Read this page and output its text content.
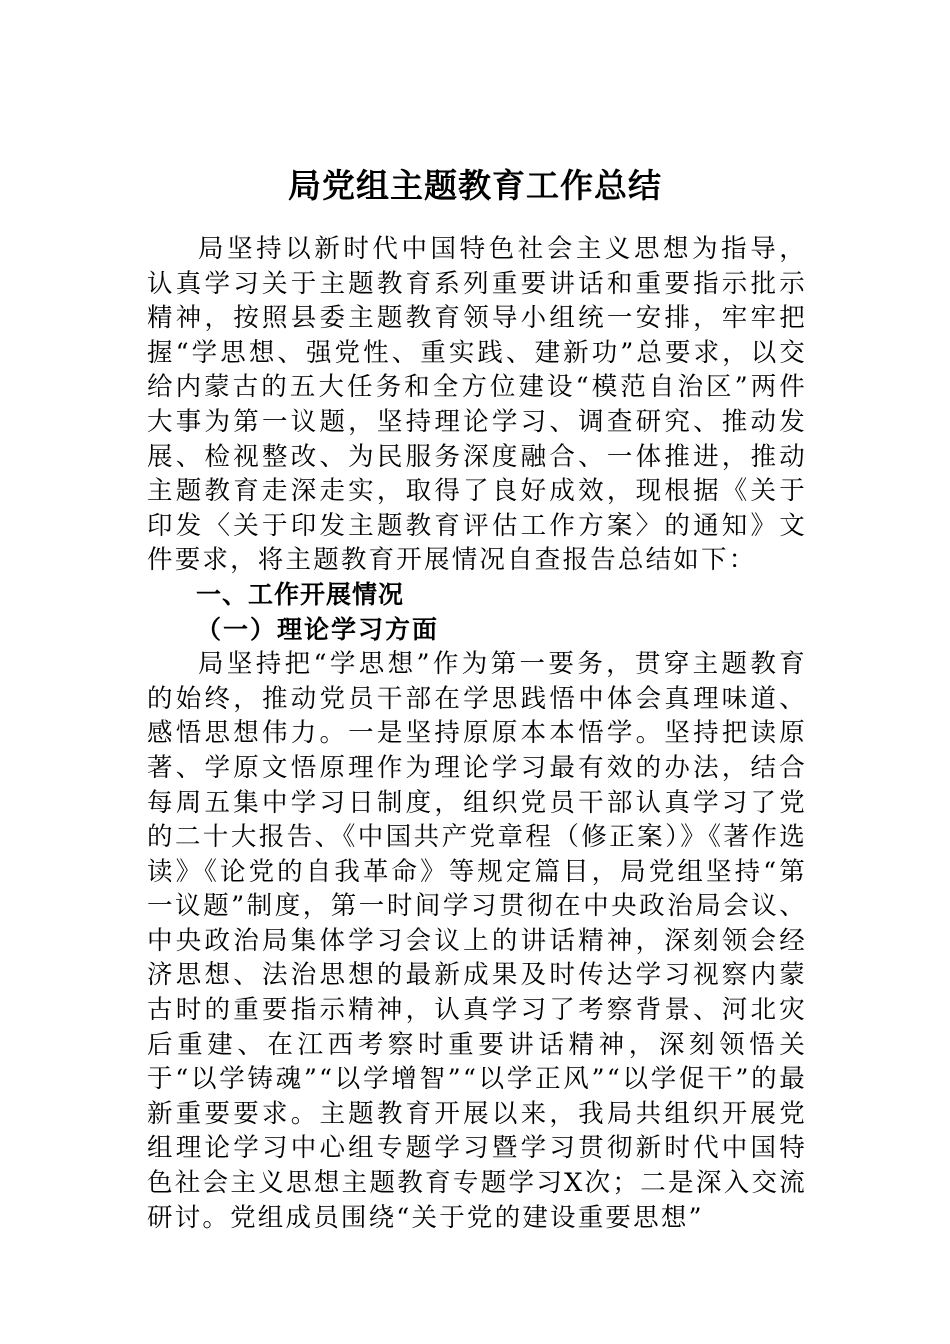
局党组主题教育工作总结

局坚持以新时代中国特色社会主义思想为指导，认真学习关于主题教育系列重要讲话和重要指示批示精神，按照县委主题教育领导小组统一安排，牢牢把握“学思想、强党性、重实践、建新功”总要求，以交给内蒙古的五大任务和全方位建设“模范自治区”两件大事为第一议题，坚持理论学习、调查研究、推动发展、检视整改、为民服务深度融合、一体推进，推动主题教育走深走实，取得了良好成效，现根据《关于印发〈关于印发主题教育评估工作方案〉的通知》文件要求，将主题教育开展情况自查报告总结如下：

一、工作开展情况

（一）理论学习方面

局坚持把“学思想”作为第一要务，贯穿主题教育的始终，推动党员干部在学思践悟中体会真理味道、感悟思想伟力。一是坚持原原本本悟学。坚持把读原著、学原文悟原理作为理论学习最有效的办法，结合每周五集中学习日制度，组织党员干部认真学习了党的二十大报告、《中国共产党章程（修正案）》《著作选读》《论党的自我革命》等规定篇目，局党组坚持“第一议题”制度，第一时间学习贯彻在中央政治局会议、中央政治局集体学习会议上的讲话精神，深刻领会经济思想、法治思想的最新成果及时传达学习视察内蒙古时的重要指示精神，认真学习了考察背景、河北灾后重建、在江西考察时重要讲话精神，深刻领悟关于“以学铸魂”“以学增智”“以学正风”“以学促干”的最新重要要求。主题教育开展以来，我局共组织开展党组理论学习中心组专题学习暨学习贯彻新时代中国特色社会主义思想主题教育专题学习X次；二是深入交流研讨。党组成员围绕“关于党的建设重要思想”
